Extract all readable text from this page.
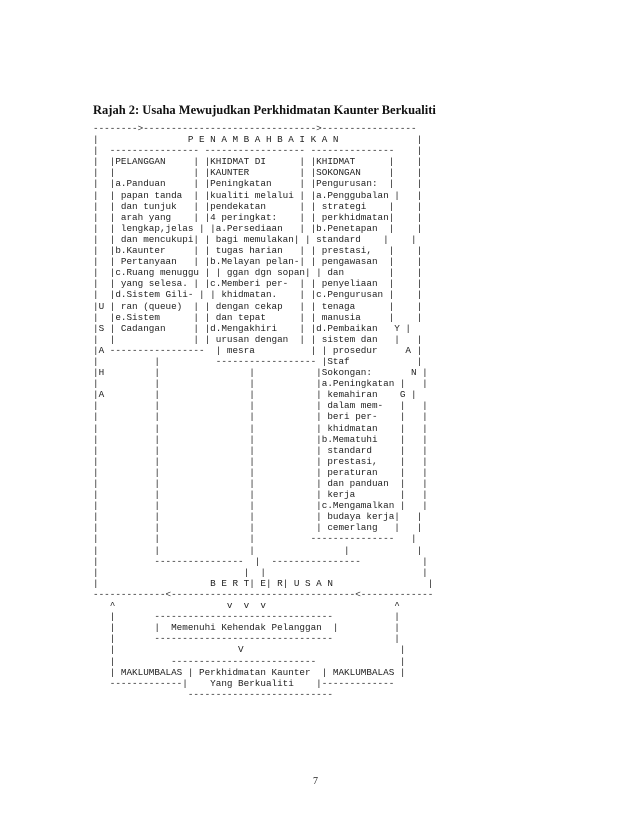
Rajah 2: Usaha Mewujudkan Perkhidmatan Kaunter Berkualiti
-------->------------------------------->-----------------
|                P E N A M B A H B A I K A N              |
|  ---------------- ------------------ ---------------    |
|  |PELANGGAN     | |KHIDMAT DI      | |KHIDMAT      |    |
|  |              | |KAUNTER         | |SOKONGAN     |    |
|  |a.Panduan     | |Peningkatan     | |Pengurusan:  |    |
|  | papan tanda  | |kualiti melalui | |a.Penggubalan |   |
|  | dan tunjuk   | |pendekatan      | | strategi    |    |
|  | arah yang    | |4 peringkat:    | | perkhidmatan|    |
|  | lengkap,jelas | |a.Persediaan   | |b.Penetapan  |    |
|  | dan mencukupi| | bagi memulakan| | standard    |    |
|  |b.Kaunter     | | tugas harian   | | prestasi,   |    |
|  | Pertanyaan   | |b.Melayan pelan-| | pengawasan  |    |
|  |c.Ruang menuggu | | ggan dgn sopan| | dan        |    |
|  | yang selesa. | |c.Memberi per-  | | penyeliaan  |    |
|  |d.Sistem Gili- | | khidmatan.    | |c.Pengurusan |    |
|U | ran (queue)  | | dengan cekap   | | tenaga      |    |
|  |e.Sistem      | | dan tepat      | | manusia     |    |
|S | Cadangan     | |d.Mengakhiri    | |d.Pembaikan   Y |
|  |              | | urusan dengan  | | sistem dan   |   |
|A -----------------  | mesra          | | prosedur     A |
|          |          ------------------ |Staf            |
|H         |                |           |Sokongan:       N |
|          |                |           |a.Peningkatan |   |
|A         |                |           | kemahiran    G |
|          |                |           | dalam mem-   |   |
|          |                |           | beri per-    |   |
|          |                |           | khidmatan    |   |
|          |                |           |b.Mematuhi    |   |
|          |                |           | standard     |   |
|          |                |           | prestasi,    |   |
|          |                |           | peraturan    |   |
|          |                |           | dan panduan  |   |
|          |                |           | kerja        |   |
|          |                |           |c.Mengamalkan |   |
|          |                |           | budaya kerja|   |
|          |                |           | cemerlang   |   |
|          |                |          ---------------   |
|          |                |                |            |
|          ----------------  |  ----------------           |
|                          |  |                            |
|                    B E R T| E| R| U S A N                 |
-------------<---------------------------------<-------------
^                    v  v  v                       ^
|       --------------------------------           |
|       |  Memenuhi Kehendak Pelanggan  |          |
|       --------------------------------           |
|                      V                            |
|          --------------------------               |
| MAKLUMBALAS | Perkhidmatan Kaunter  | MAKLUMBALAS |
-------------|    Yang Berkualiti    |-------------
--------------------------

7
